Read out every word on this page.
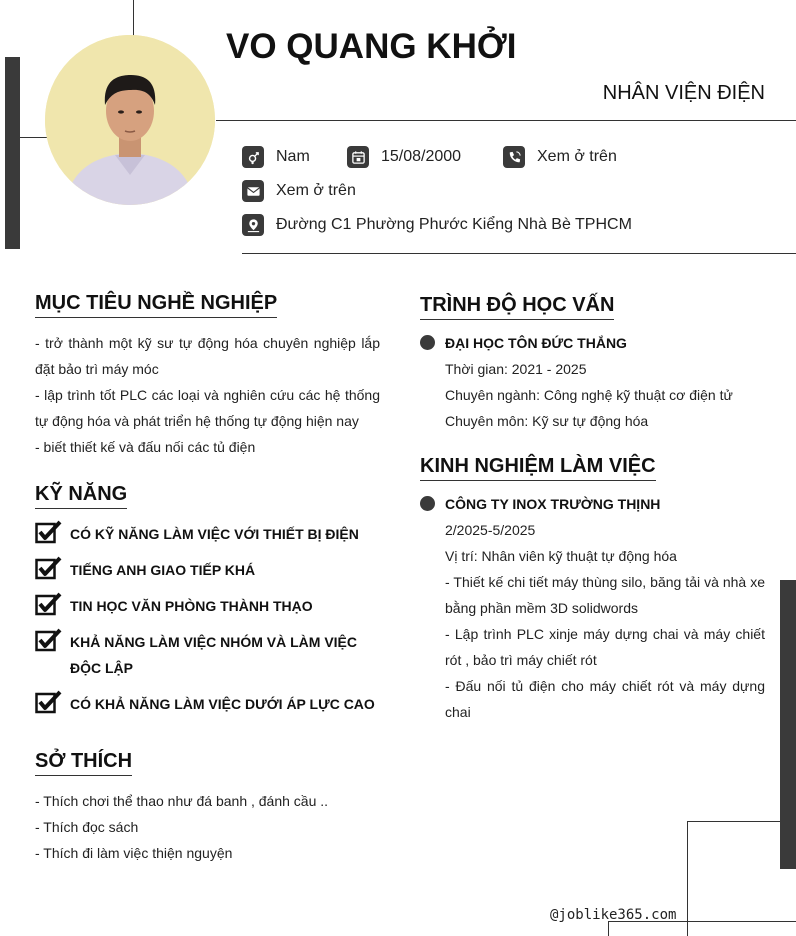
VO QUANG KHỞI
NHÂN VIỆN ĐIỆN
Nam	15/08/2000	Xem ở trên
Xem ở trên
Đường C1 Phường Phước Kiểng Nhà Bè TPHCM
MỤC TIÊU NGHỀ NGHIỆP

- trở thành một kỹ sư tự động hóa chuyên nghiệp lắp đặt bảo trì máy móc

- lập trình tốt PLC các loại và nghiên cứu các hệ thống tự động hóa và phát triển hệ thống tự động hiện nay

- biết thiết kế và đấu nối các tủ điện

KỸ NĂNG
CÓ KỸ NĂNG LÀM VIỆC VỚI THIẾT BỊ ĐIỆN
TIẾNG ANH GIAO TIẾP KHÁ
TIN HỌC VĂN PHÒNG THÀNH THẠO
KHẢ NĂNG LÀM VIỆC NHÓM VÀ LÀM VIỆC ĐỘC LẬP
CÓ KHẢ NĂNG LÀM VIỆC DƯỚI ÁP LỰC CAO
SỞ THÍCH

- Thích chơi thể thao như đá banh , đánh cầu ..

- Thích đọc sách

- Thích đi làm việc thiện nguyện

TRÌNH ĐỘ HỌC VẤN
ĐẠI HỌC TÔN ĐỨC THẮNG
Thời gian: 2021 - 2025
Chuyên ngành: Công nghệ kỹ thuật cơ điện tử
Chuyên môn: Kỹ sư tự động hóa
KINH NGHIỆM LÀM VIỆC
CÔNG TY INOX TRƯỜNG THỊNH
2/2025-5/2025
Vị trí: Nhân viên kỹ thuật tự động hóa
- Thiết kế chi tiết máy thùng silo, băng tải và nhà xe bằng phần mềm 3D solidwords
- Lập trình PLC xinje máy dựng chai và máy chiết rót , bảo trì máy chiết rót
- Đấu nối tủ điện cho máy chiết rót và máy dựng chai
@joblike365.com
